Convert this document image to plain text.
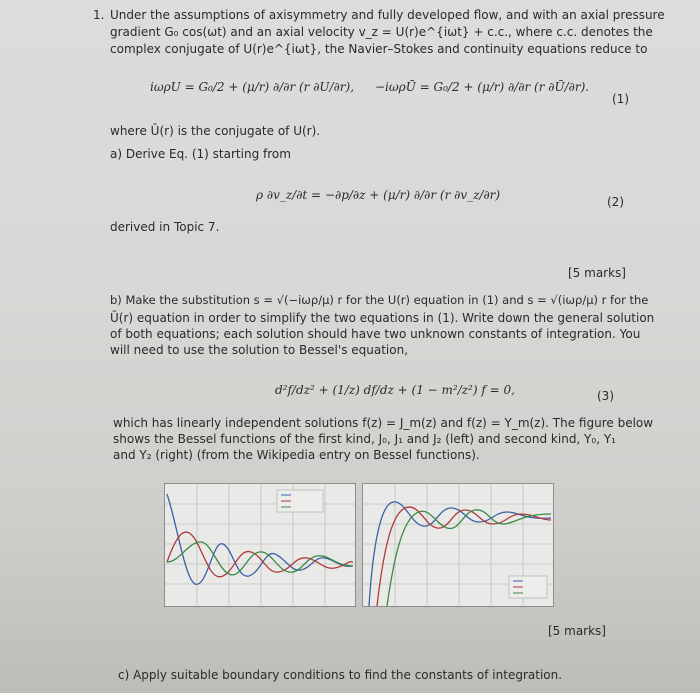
1. Under the assumptions of axisymmetry and fully developed flow, and with an axial pressure
gradient G₀ cos(ωt) and an axial velocity v_z = U(r)e^{iωt} + c.c., where c.c. denotes the
complex conjugate of U(r)e^{iωt}, the Navier–Stokes and continuity equations reduce to
iωρU = G₀/2 + (μ/r) ∂/∂r (r ∂U/∂r), −iωρŪ = G₀/2 + (μ/r) ∂/∂r (r ∂Ū/∂r).
(1)
where Ū(r) is the conjugate of U(r).
a) Derive Eq. (1) starting from
ρ ∂v_z/∂t = −∂p/∂z + (μ/r) ∂/∂r (r ∂v_z/∂r)	(2)
derived in Topic 7.
[5 marks]
b) Make the substitution s = √(−iωρ/μ) r for the U(r) equation in (1) and s = √(iωρ/μ) r for the
Ū(r) equation in order to simplify the two equations in (1). Write down the general solution
of both equations; each solution should have two unknown constants of integration. You
will need to use the solution to Bessel's equation,
d²f/dz² + (1/z) df/dz + (1 − m²/z²) f = 0,	(3)
which has linearly independent solutions f(z) = J_m(z) and f(z) = Y_m(z). The figure below
shows the Bessel functions of the first kind, J₀, J₁ and J₂ (left) and second kind, Y₀, Y₁
and Y₂ (right) (from the Wikipedia entry on Bessel functions).
[5 marks]
c) Apply suitable boundary conditions to find the constants of integration.
